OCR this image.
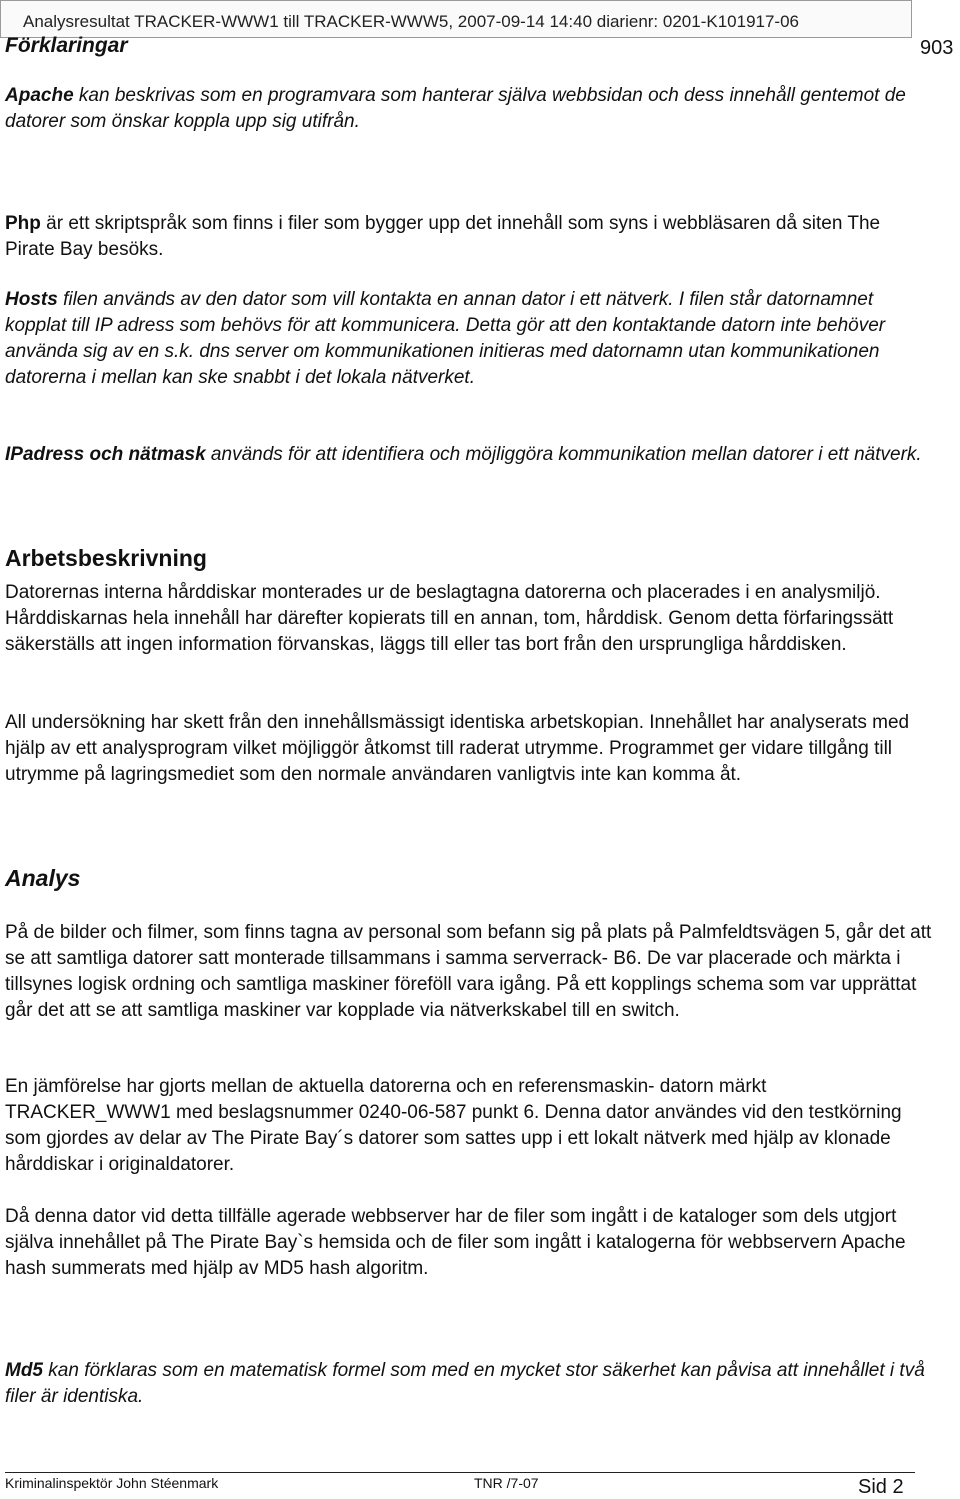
Analysresultat TRACKER-WWW1 till TRACKER-WWW5, 2007-09-14 14:40 diarienr: 0201-K101917-06
903
Förklaringar
Apache kan beskrivas som en programvara som hanterar själva webbsidan och dess innehåll gentemot de datorer som önskar koppla upp sig utifrån.
Php är ett skriptspråk som finns i filer som bygger upp det innehåll som syns i webbläsaren då siten The Pirate Bay besöks.
Hosts filen används av den dator som vill kontakta en annan dator i ett nätverk. I filen står datornamnet kopplat till IP adress som behövs för att kommunicera. Detta gör att den kontaktande datorn inte behöver använda sig av en s.k. dns server om kommunikationen initieras med datornamn utan kommunikationen datorerna i mellan kan ske snabbt i det lokala nätverket.
IPadress och nätmask används för att identifiera och möjliggöra kommunikation mellan datorer i ett nätverk.
Arbetsbeskrivning
Datorernas interna hårddiskar monterades ur de beslagtagna datorerna och placerades i en analysmiljö. Hårddiskarnas hela innehåll har därefter kopierats till en annan, tom, hårddisk. Genom detta förfaringssätt säkerställs att ingen information förvanskas, läggs till eller tas bort från den ursprungliga hårddisken.
All undersökning har skett från den innehållsmässigt identiska arbetskopian. Innehållet har analyserats med hjälp av ett analysprogram vilket möjliggör åtkomst till raderat utrymme. Programmet ger vidare tillgång till utrymme på lagringsmediet som den normale användaren vanligtvis inte kan komma åt.
Analys
På de bilder och filmer, som finns tagna av personal som befann sig på plats på Palmfeldtsvägen 5, går det att se att samtliga datorer satt monterade tillsammans i samma serverrack- B6. De var placerade och märkta i tillsynes logisk ordning och samtliga maskiner föreföll vara igång. På ett kopplings schema som var upprättat går det att se att samtliga maskiner var kopplade via nätverkskabel till en switch.
En jämförelse har gjorts mellan de aktuella datorerna och en referensmaskin- datorn märkt TRACKER_WWW1 med beslagsnummer 0240-06-587 punkt 6. Denna dator användes vid den testkörning som gjordes av delar av The Pirate Bay´s datorer som sattes upp i ett lokalt nätverk med hjälp av klonade hårddiskar i originaldatorer.
Då denna dator vid detta tillfälle agerade webbserver har de filer som ingått i de kataloger som dels utgjort själva innehållet på The Pirate Bay`s hemsida och de filer som ingått i katalogerna för webbservern Apache hash summerats med hjälp av MD5 hash algoritm.
Md5 kan förklaras som en matematisk formel som med en mycket stor säkerhet kan påvisa att innehållet i två filer är identiska.
Kriminalinspektör John Stéenmark	TNR /7-07	Sid 2
